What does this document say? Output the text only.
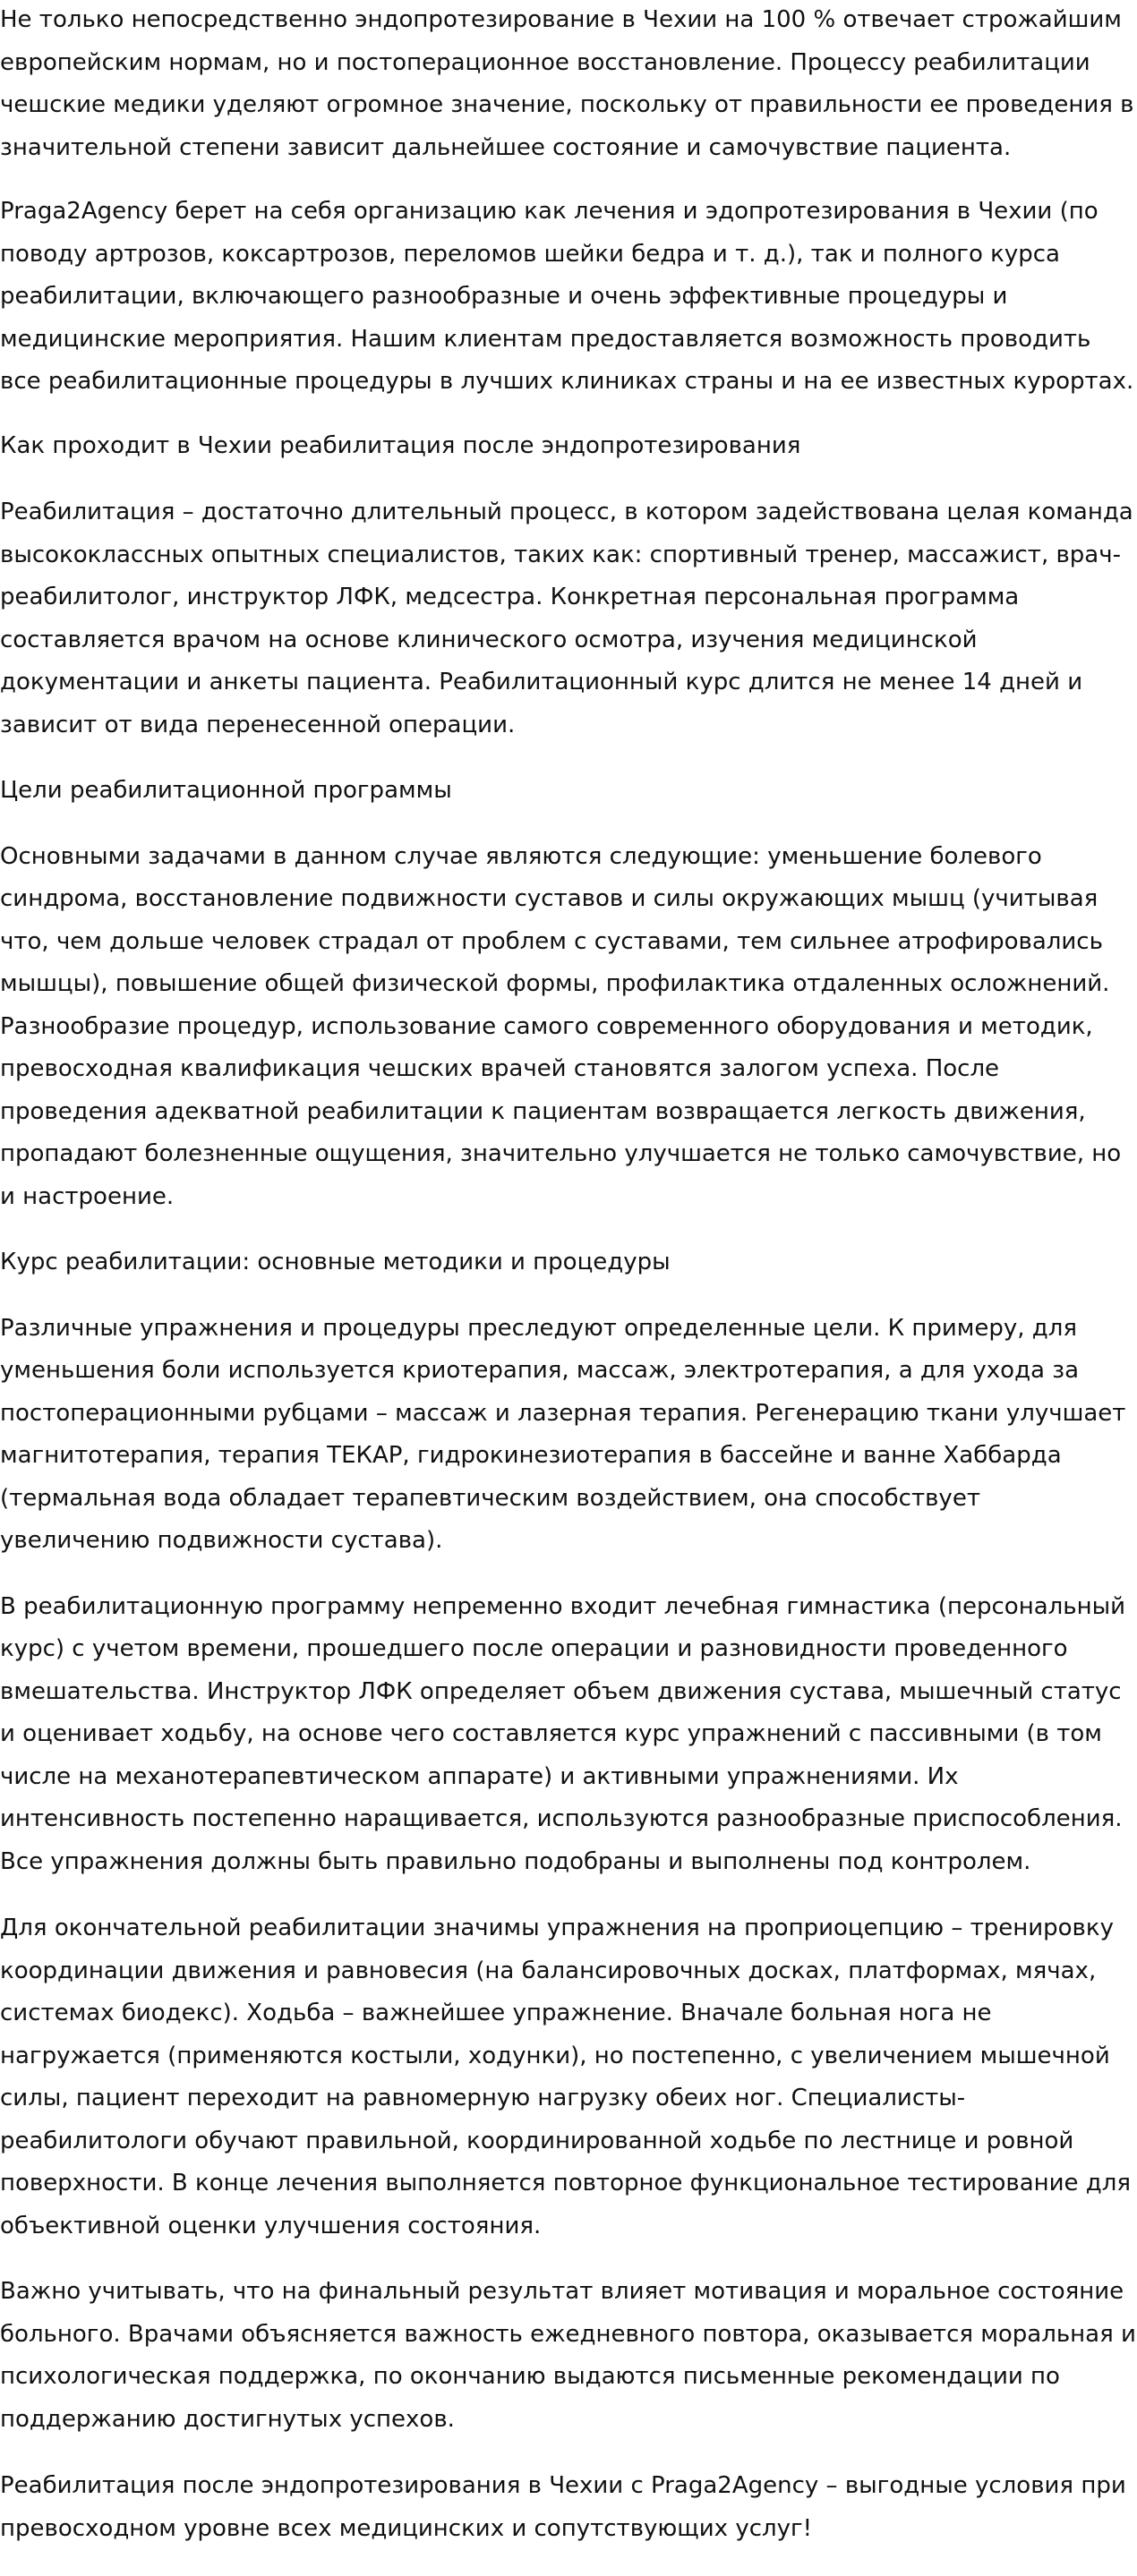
Не только непосредственно эндопротезирование в Чехии на 100 % отвечает строжайшим европейским нормам, но и постоперационное восстановление. Процессу реабилитации чешские медики уделяют огромное значение, поскольку от правильности ее проведения в значительной степени зависит дальнейшее состояние и самочувствие пациента.

Praga2Agency берет на себя организацию как лечения и эдопротезирования в Чехии (по поводу артрозов, коксартрозов, переломов шейки бедра и т. д.), так и полного курса реабилитации, включающего разнообразные и очень эффективные процедуры и медицинские мероприятия. Нашим клиентам предоставляется возможность проводить все реабилитационные процедуры в лучших клиниках страны и на ее известных курортах.

Как проходит в Чехии реабилитация после эндопротезирования

Реабилитация – достаточно длительный процесс, в котором задействована целая команда высококлассных опытных специалистов, таких как: спортивный тренер, массажист, врач-реабилитолог, инструктор ЛФК, медсестра. Конкретная персональная программа составляется врачом на основе клинического осмотра, изучения медицинской документации и анкеты пациента. Реабилитационный курс длится не менее 14 дней и зависит от вида перенесенной операции.

Цели реабилитационной программы

Основными задачами в данном случае являются следующие: уменьшение болевого синдрома, восстановление подвижности суставов и силы окружающих мышц (учитывая что, чем дольше человек страдал от проблем с суставами, тем сильнее атрофировались мышцы), повышение общей физической формы, профилактика отдаленных осложнений. Разнообразие процедур, использование самого современного оборудования и методик, превосходная квалификация чешских врачей становятся залогом успеха. После проведения адекватной реабилитации к пациентам возвращается легкость движения, пропадают болезненные ощущения, значительно улучшается не только самочувствие, но и настроение.

Курс реабилитации: основные методики и процедуры

Различные упражнения и процедуры преследуют определенные цели. К примеру, для уменьшения боли используется криотерапия, массаж, электротерапия, а для ухода за постоперационными рубцами – массаж и лазерная терапия. Регенерацию ткани улучшает магнитотерапия, терапия ТЕКАР, гидрокинезиотерапия в бассейне и ванне Хаббарда (термальная вода обладает терапевтическим воздействием, она способствует увеличению подвижности сустава).

В реабилитационную программу непременно входит лечебная гимнастика (персональный курс) с учетом времени, прошедшего после операции и разновидности проведенного вмешательства. Инструктор ЛФК определяет объем движения сустава, мышечный статус и оценивает ходьбу, на основе чего составляется курс упражнений с пассивными (в том числе на механотерапевтическом аппарате) и активными упражнениями. Их интенсивность постепенно наращивается, используются разнообразные приспособления. Все упражнения должны быть правильно подобраны и выполнены под контролем.

Для окончательной реабилитации значимы упражнения на проприоцепцию – тренировку координации движения и равновесия (на балансировочных досках, платформах, мячах, системах биодекс). Ходьба – важнейшее упражнение. Вначале больная нога не нагружается (применяются костыли, ходунки), но постепенно, с увеличением мышечной силы, пациент переходит на равномерную нагрузку обеих ног. Специалисты-реабилитологи обучают правильной, координированной ходьбе по лестнице и ровной поверхности. В конце лечения выполняется повторное функциональное тестирование для объективной оценки улучшения состояния.

Важно учитывать, что на финальный результат влияет мотивация и моральное состояние больного. Врачами объясняется важность ежедневного повтора, оказывается моральная и психологическая поддержка, по окончанию выдаются письменные рекомендации по поддержанию достигнутых успехов.

Реабилитация после эндопротезирования в Чехии с Praga2Agency – выгодные условия при превосходном уровне всех медицинских и сопутствующих услуг!
